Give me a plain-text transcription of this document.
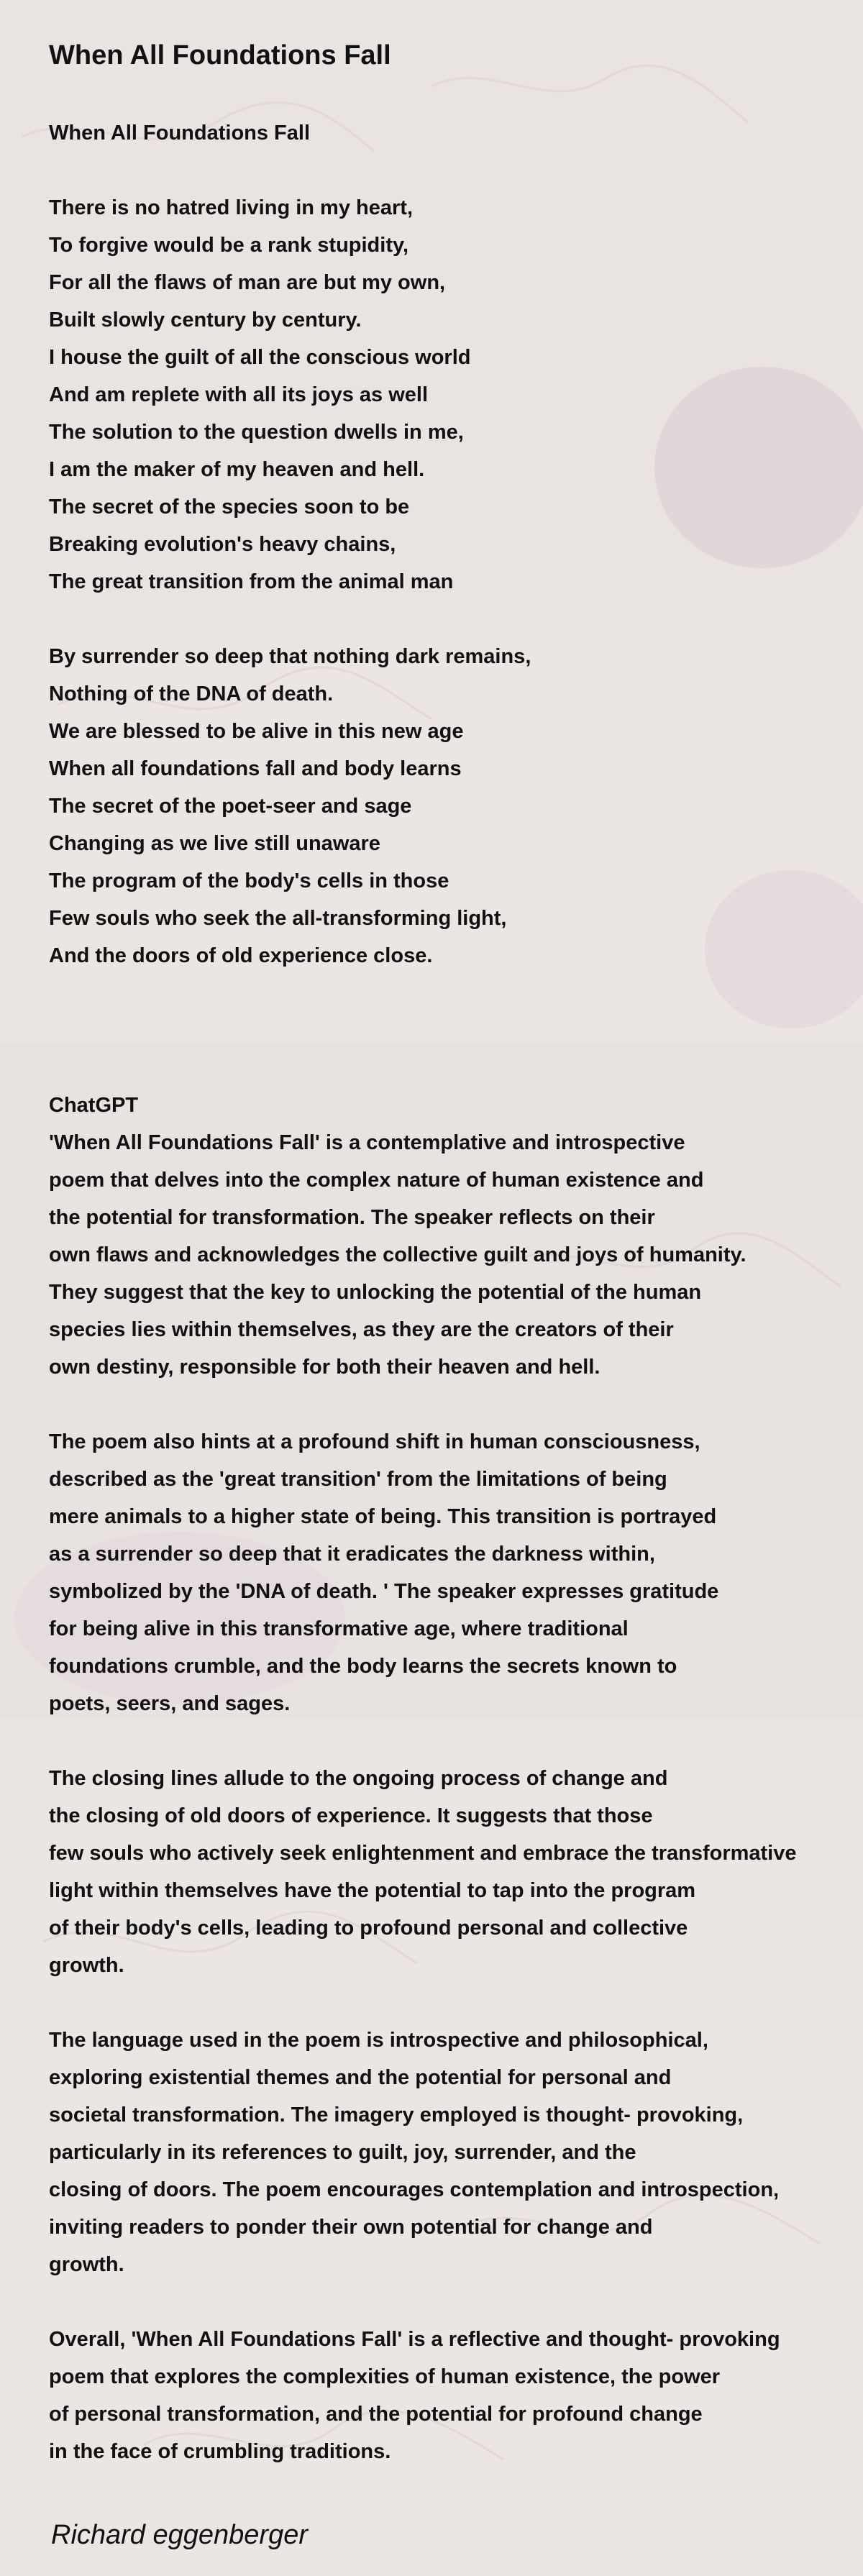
When All Foundations Fall
When All Foundations Fall
There is no hatred living in my heart,
To forgive would be a rank stupidity,
For all the flaws of man are but my own,
Built slowly century by century.
I house the guilt of all the conscious world
And am replete with all its joys as well
The solution to the question dwells in me,
I am the maker of my heaven and hell.
The secret of the species soon to be
Breaking evolution's heavy chains,
The great transition from the animal man
By surrender so deep that nothing dark remains,
Nothing of the DNA of death.
We are blessed to be alive in this new age
When all foundations fall and body learns
The secret of the poet-seer and sage
Changing as we live still unaware
The program of the body's cells in those
Few souls who seek the all-transforming light,
And the doors of old experience close.
ChatGPT
'When All Foundations Fall' is a contemplative and introspective
poem that delves into the complex nature of human existence and
the potential for transformation. The speaker reflects on their
own flaws and acknowledges the collective guilt and joys of humanity.
They suggest that the key to unlocking the potential of the human
species lies within themselves, as they are the creators of their
own destiny, responsible for both their heaven and hell.
The poem also hints at a profound shift in human consciousness,
described as the 'great transition' from the limitations of being
mere animals to a higher state of being. This transition is portrayed
as a surrender so deep that it eradicates the darkness within,
symbolized by the 'DNA of death. ' The speaker expresses gratitude
for being alive in this transformative age, where traditional
foundations crumble, and the body learns the secrets known to
poets, seers, and sages.
The closing lines allude to the ongoing process of change and
the closing of old doors of experience. It suggests that those
few souls who actively seek enlightenment and embrace the transformative
light within themselves have the potential to tap into the program
of their body's cells, leading to profound personal and collective
growth.
The language used in the poem is introspective and philosophical,
exploring existential themes and the potential for personal and
societal transformation. The imagery employed is thought- provoking,
particularly in its references to guilt, joy, surrender, and the
closing of doors. The poem encourages contemplation and introspection,
inviting readers to ponder their own potential for change and
growth.
Overall, 'When All Foundations Fall' is a reflective and thought- provoking
poem that explores the complexities of human existence, the power
of personal transformation, and the potential for profound change
in the face of crumbling traditions.
Richard eggenberger
